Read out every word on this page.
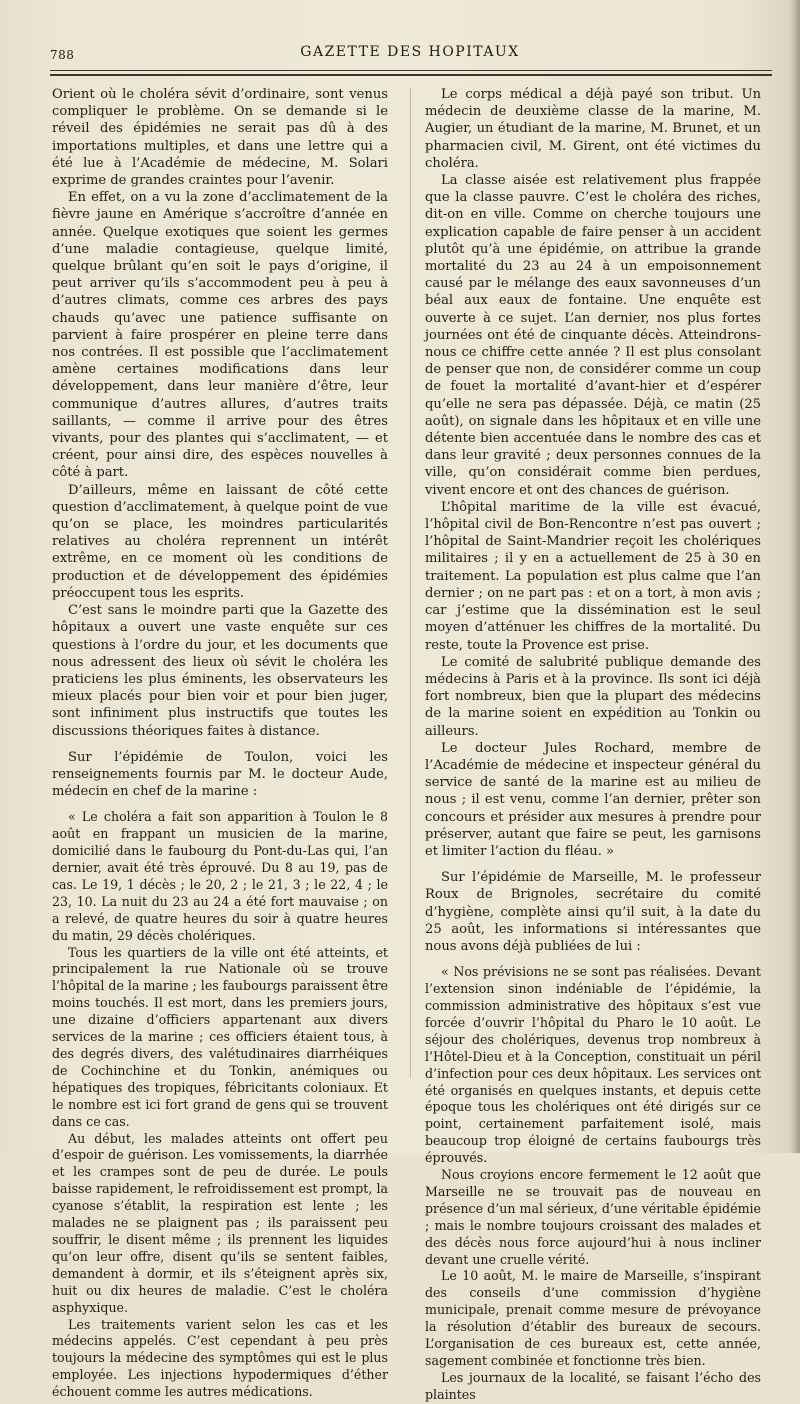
788	GAZETTE DES HOPITAUX

Orient où le choléra sévit d’ordinaire, sont venus compliquer le problème. On se demande si le réveil des épidémies ne serait pas dû à des importations multiples, et dans une lettre qui a été lue à l’Académie de médecine, M. Solari exprime de grandes craintes pour l’avenir.

En effet, on a vu la zone d’acclimatement de la fièvre jaune en Amérique s’accroître d’année en année. Quelque exotiques que soient les germes d’une maladie contagieuse, quelque limité, quelque brûlant qu’en soit le pays d’origine, il peut arriver qu’ils s’accommodent peu à peu à d’autres climats, comme ces arbres des pays chauds qu’avec une patience suffisante on parvient à faire prospérer en pleine terre dans nos contrées. Il est possible que l’acclimatement amène certaines modifications dans leur développement, dans leur manière d’être, leur communique d’autres allures, d’autres traits saillants, — comme il arrive pour des êtres vivants, pour des plantes qui s’acclimatent, — et créent, pour ainsi dire, des espèces nouvelles à côté à part.

D’ailleurs, même en laissant de côté cette question d’acclimatement, à quelque point de vue qu’on se place, les moindres particularités relatives au choléra reprennent un intérêt extrême, en ce moment où les conditions de production et de développement des épidémies préoccupent tous les esprits.

C’est sans le moindre parti que la Gazette des hôpitaux a ouvert une vaste enquête sur ces questions à l’ordre du jour, et les documents que nous adressent des lieux où sévit le choléra les praticiens les plus éminents, les observateurs les mieux placés pour bien voir et pour bien juger, sont infiniment plus instructifs que toutes les discussions théoriques faites à distance.

Sur l’épidémie de Toulon, voici les renseignements fournis par M. le docteur Aude, médecin en chef de la marine :

« Le choléra a fait son apparition à Toulon le 8 août en frappant un musicien de la marine, domicilié dans le faubourg du Pont-du-Las qui, l’an dernier, avait été très éprouvé. Du 8 au 19, pas de cas. Le 19, 1 décès ; le 20, 2 ; le 21, 3 ; le 22, 4 ; le 23, 10. La nuit du 23 au 24 a été fort mauvaise ; on a relevé, de quatre heures du soir à quatre heures du matin, 29 décès cholériques.

Tous les quartiers de la ville ont été atteints, et principalement la rue Nationale où se trouve l’hôpital de la marine ; les faubourgs paraissent être moins touchés. Il est mort, dans les premiers jours, une dizaine d’officiers appartenant aux divers services de la marine ; ces officiers étaient tous, à des degrés divers, des valétudinaires diarrhéiques de Cochinchine et du Tonkin, anémiques ou hépatiques des tropiques, fébricitants coloniaux. Et le nombre est ici fort grand de gens qui se trouvent dans ce cas.

Au début, les malades atteints ont offert peu d’espoir de guérison. Les vomissements, la diarrhée et les crampes sont de peu de durée. Le pouls baisse rapidement, le refroidissement est prompt, la cyanose s’établit, la respiration est lente ; les malades ne se plaignent pas ; ils paraissent peu souffrir, le disent même ; ils prennent les liquides qu’on leur offre, disent qu’ils se sentent faibles, demandent à dormir, et ils s’éteignent après six, huit ou dix heures de maladie. C’est le choléra asphyxique.

Les traitements varient selon les cas et les médecins appelés. C’est cependant à peu près toujours la médecine des symptômes qui est le plus employée. Les injections hypodermiques d’éther échouent comme les autres médications.

Le corps médical a déjà payé son tribut. Un médecin de deuxième classe de la marine, M. Augier, un étudiant de la marine, M. Brunet, et un pharmacien civil, M. Girent, ont été victimes du choléra.

La classe aisée est relativement plus frappée que la classe pauvre. C’est le choléra des riches, dit-on en ville. Comme on cherche toujours une explication capable de faire penser à un accident plutôt qu’à une épidémie, on attribue la grande mortalité du 23 au 24 à un empoisonnement causé par le mélange des eaux savonneuses d’un béal aux eaux de fontaine. Une enquête est ouverte à ce sujet. L’an dernier, nos plus fortes journées ont été de cinquante décès. Atteindrons-nous ce chiffre cette année ? Il est plus consolant de penser que non, de considérer comme un coup de fouet la mortalité d’avant-hier et d’espérer qu’elle ne sera pas dépassée. Déjà, ce matin (25 août), on signale dans les hôpitaux et en ville une détente bien accentuée dans le nombre des cas et dans leur gravité ; deux personnes connues de la ville, qu’on considérait comme bien perdues, vivent encore et ont des chances de guérison.

L’hôpital maritime de la ville est évacué, l’hôpital civil de Bon-Rencontre n’est pas ouvert ; l’hôpital de Saint-Mandrier reçoit les cholériques militaires ; il y en a actuellement de 25 à 30 en traitement. La population est plus calme que l’an dernier ; on ne part pas : et on a tort, à mon avis ; car j’estime que la dissémination est le seul moyen d’atténuer les chiffres de la mortalité. Du reste, toute la Provence est prise.

Le comité de salubrité publique demande des médecins à Paris et à la province. Ils sont ici déjà fort nombreux, bien que la plupart des médecins de la marine soient en expédition au Tonkin ou ailleurs.

Le docteur Jules Rochard, membre de l’Académie de médecine et inspecteur général du service de santé de la marine est au milieu de nous ; il est venu, comme l’an dernier, prêter son concours et présider aux mesures à prendre pour préserver, autant que faire se peut, les garnisons et limiter l’action du fléau. »

Sur l’épidémie de Marseille, M. le professeur Roux de Brignoles, secrétaire du comité d’hygiène, complète ainsi qu’il suit, à la date du 25 août, les informations si intéressantes que nous avons déjà publiées de lui :

« Nos prévisions ne se sont pas réalisées. Devant l’extension sinon indéniable de l’épidémie, la commission administrative des hôpitaux s’est vue forcée d’ouvrir l’hôpital du Pharo le 10 août. Le séjour des cholériques, devenus trop nombreux à l’Hôtel-Dieu et à la Conception, constituait un péril d’infection pour ces deux hôpitaux. Les services ont été organisés en quelques instants, et depuis cette époque tous les cholériques ont été dirigés sur ce point, certainement parfaitement isolé, mais beaucoup trop éloigné de certains faubourgs très éprouvés.

Nous croyions encore fermement le 12 août que Marseille ne se trouvait pas de nouveau en présence d’un mal sérieux, d’une véritable épidémie ; mais le nombre toujours croissant des malades et des décès nous force aujourd’hui à nous incliner devant une cruelle vérité.

Le 10 août, M. le maire de Marseille, s’inspirant des conseils d’une commission d’hygiène municipale, prenait comme mesure de prévoyance la résolution d’établir des bureaux de secours. L’organisation de ces bureaux est, cette année, sagement combinée et fonctionne très bien.

Les journaux de la localité, se faisant l’écho des plaintes
